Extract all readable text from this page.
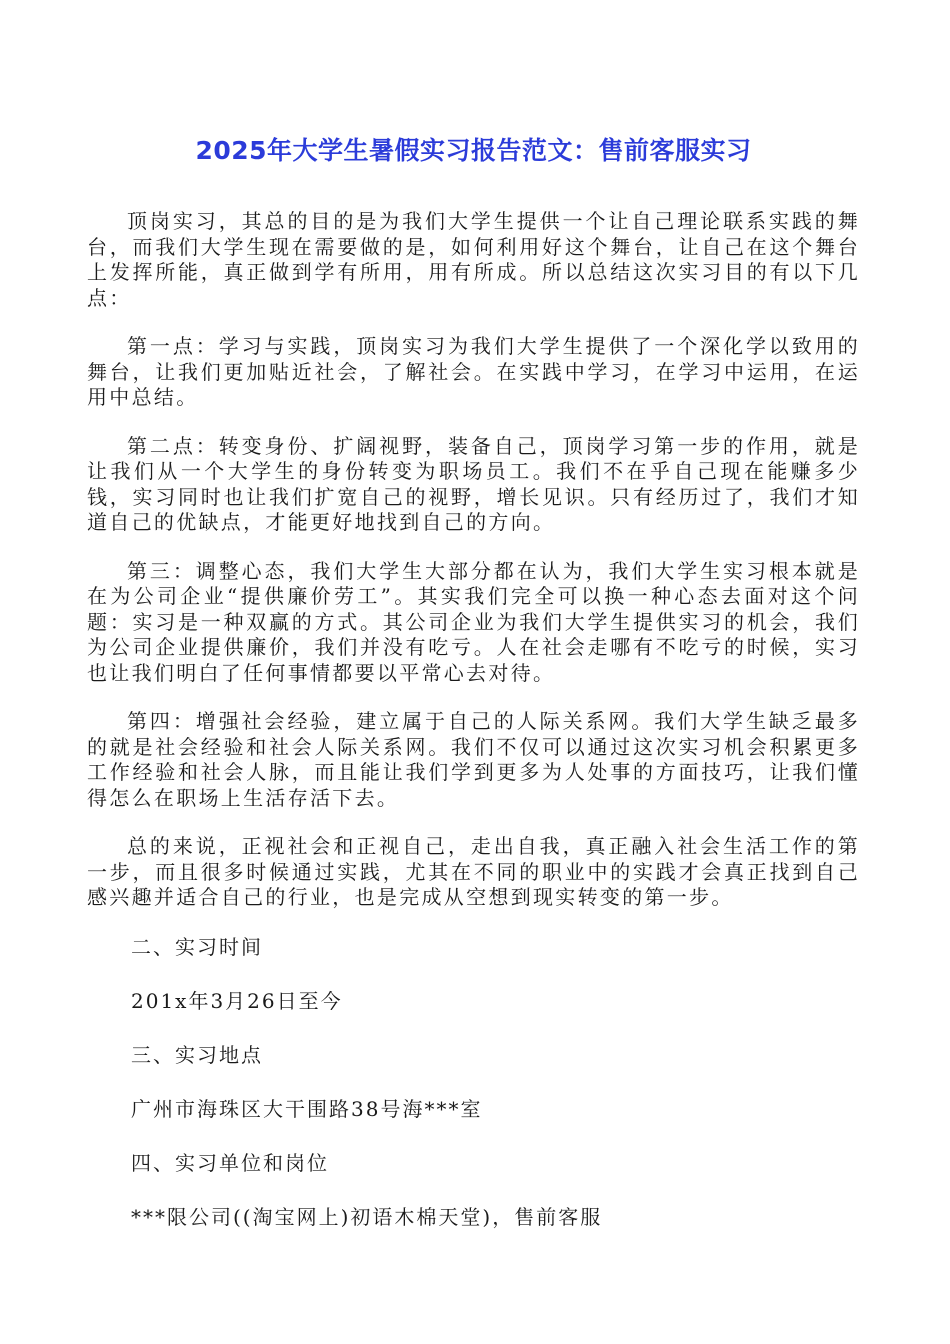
2025年大学生暑假实习报告范文：售前客服实习

顶岗实习，其总的目的是为我们大学生提供一个让自己理论联系实践的舞台，而我们大学生现在需要做的是，如何利用好这个舞台，让自己在这个舞台上发挥所能，真正做到学有所用，用有所成。所以总结这次实习目的有以下几点：

第一点：学习与实践，顶岗实习为我们大学生提供了一个深化学以致用的舞台，让我们更加贴近社会，了解社会。在实践中学习，在学习中运用，在运用中总结。

第二点：转变身份、扩阔视野，装备自己，顶岗学习第一步的作用，就是让我们从一个大学生的身份转变为职场员工。我们不在乎自己现在能赚多少钱，实习同时也让我们扩宽自己的视野，增长见识。只有经历过了，我们才知道自己的优缺点，才能更好地找到自己的方向。

第三：调整心态，我们大学生大部分都在认为，我们大学生实习根本就是在为公司企业“提供廉价劳工”。其实我们完全可以换一种心态去面对这个问题：实习是一种双赢的方式。其公司企业为我们大学生提供实习的机会，我们为公司企业提供廉价，我们并没有吃亏。人在社会走哪有不吃亏的时候，实习也让我们明白了任何事情都要以平常心去对待。

第四：增强社会经验，建立属于自己的人际关系网。我们大学生缺乏最多的就是社会经验和社会人际关系网。我们不仅可以通过这次实习机会积累更多工作经验和社会人脉，而且能让我们学到更多为人处事的方面技巧，让我们懂得怎么在职场上生活存活下去。

总的来说，正视社会和正视自己，走出自我，真正融入社会生活工作的第一步，而且很多时候通过实践，尤其在不同的职业中的实践才会真正找到自己感兴趣并适合自己的行业，也是完成从空想到现实转变的第一步。

二、实习时间

201x年3月26日至今

三、实习地点

广州市海珠区大干围路38号海***室

四、实习单位和岗位

***限公司((淘宝网上)初语木棉天堂)，售前客服
